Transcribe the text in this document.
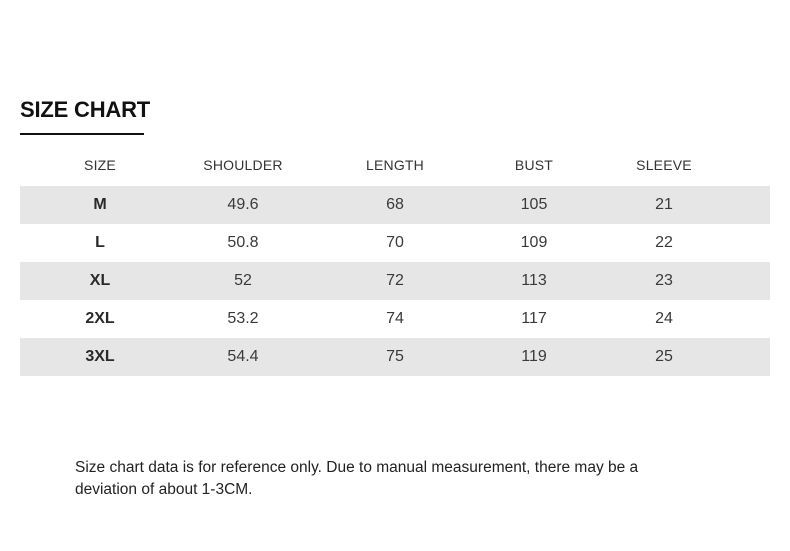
SIZE CHART
SIZE	SHOULDER	LENGTH	BUST	SLEEVE
M	49.6	68	105	21
L	50.8	70	109	22
XL	52	72	113	23
2XL	53.2	74	117	24
3XL	54.4	75	119	25
Size chart data is for reference only. Due to manual measurement, there may be a deviation of about 1-3CM.
